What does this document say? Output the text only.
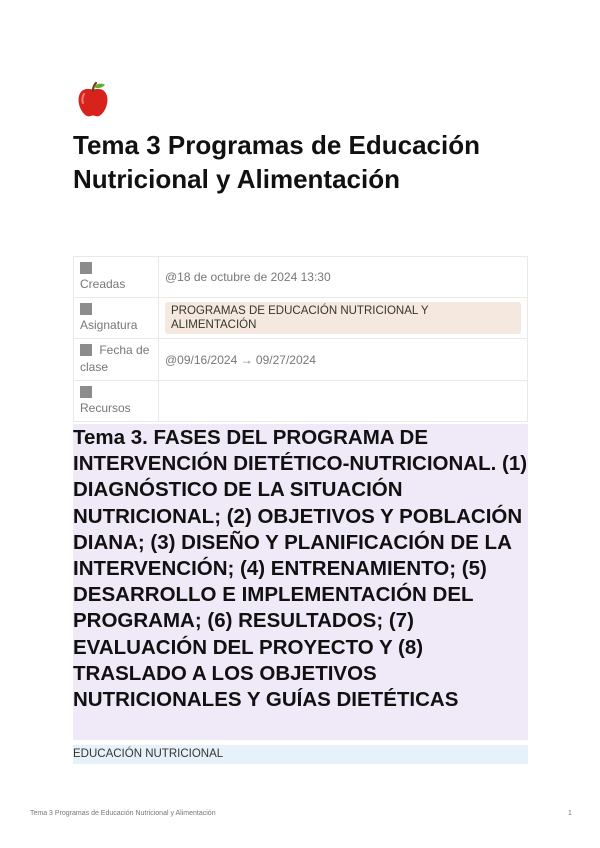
Tema 3 Programas de Educación Nutricional y Alimentación

Creadas	@18 de octubre de 2024 13:30

Asignatura	PROGRAMAS DE EDUCACIÓN NUTRICIONAL Y ALIMENTACIÓN
Fecha de clase	@09/16/2024 → 09/27/2024

Recursos	
Tema 3. FASES DEL PROGRAMA DE INTERVENCIÓN DIETÉTICO-NUTRICIONAL. (1) DIAGNÓSTICO DE LA SITUACIÓN NUTRICIONAL; (2) OBJETIVOS Y POBLACIÓN DIANA; (3) DISEÑO Y PLANIFICACIÓN DE LA INTERVENCIÓN; (4) ENTRENAMIENTO; (5) DESARROLLO E IMPLEMENTACIÓN DEL PROGRAMA; (6) RESULTADOS; (7) EVALUACIÓN DEL PROYECTO Y (8) TRASLADO A LOS OBJETIVOS NUTRICIONALES Y GUÍAS DIETÉTICAS
EDUCACIÓN NUTRICIONAL
Tema 3 Programas de Educación Nutricional y Alimentación	1
